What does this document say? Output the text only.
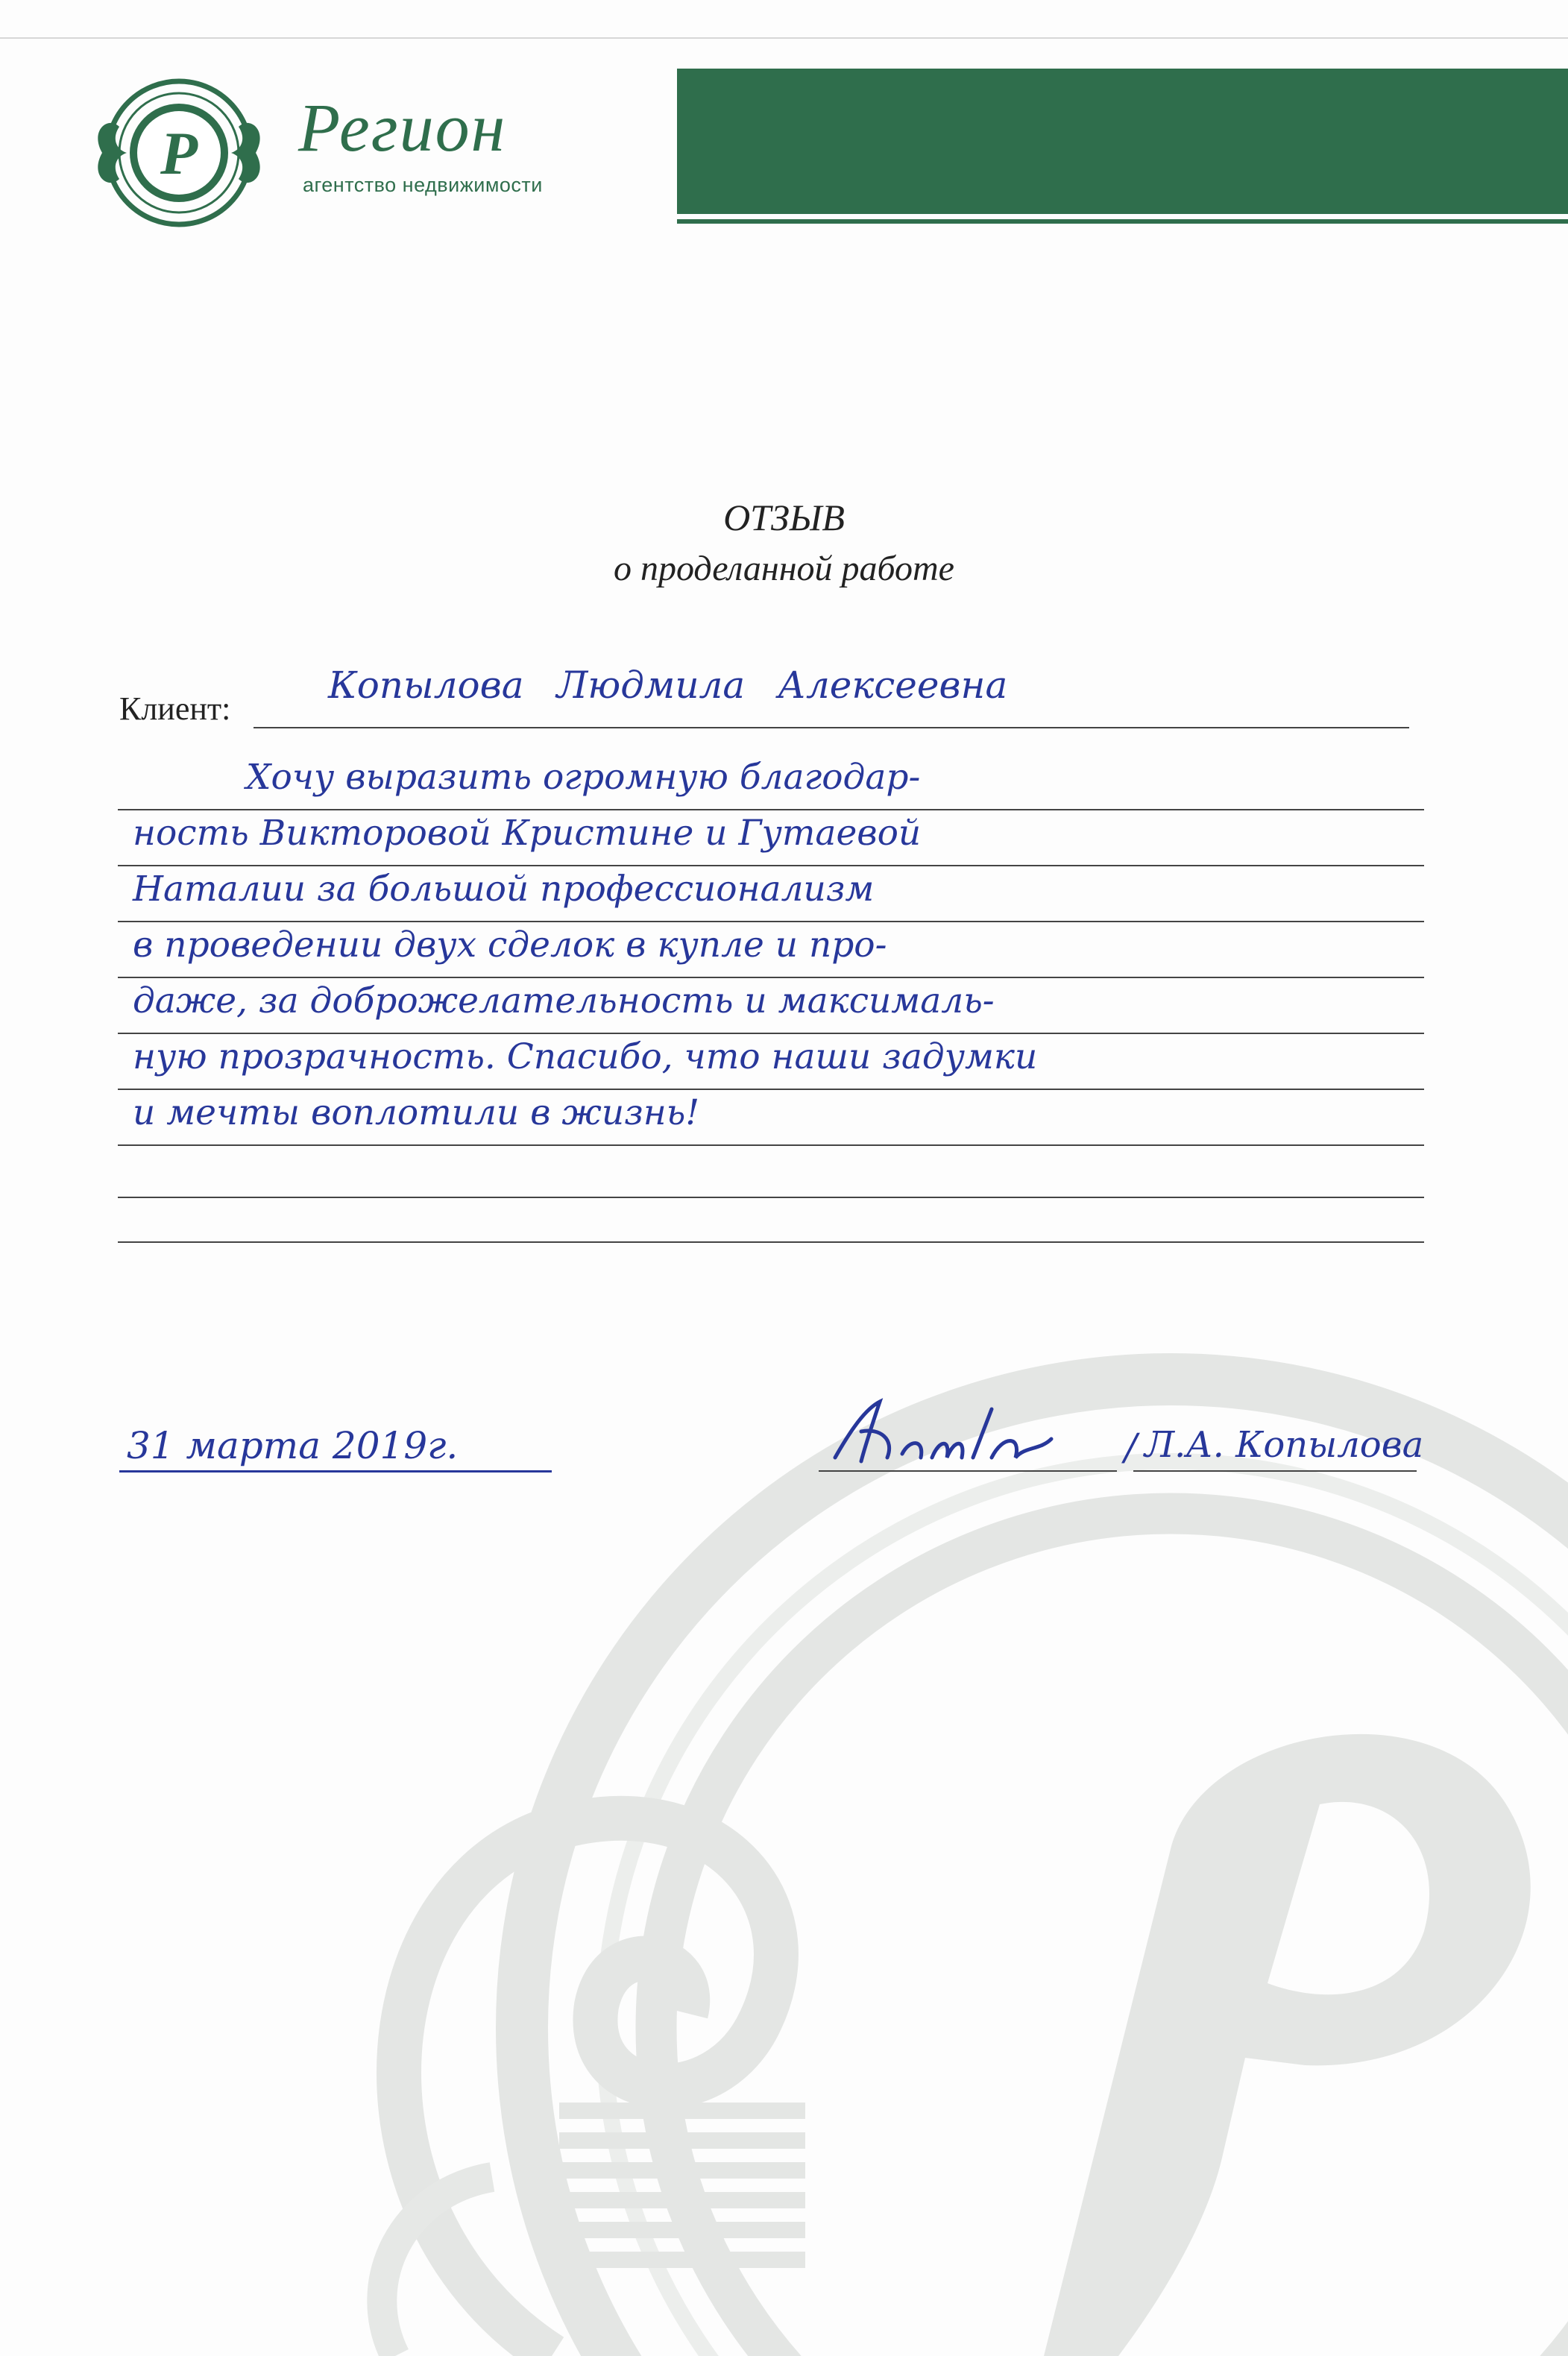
Р Регион
агентство недвижимости
ОТЗЫВ
о проделанной работе
Клиент:
Копылова Людмила Алексеевна
Хочу выразить огромную благодар-
ность Викторовой Кристине и Гутаевой
Наталии за большой профессионализм
в проведении двух сделок в купле и про-
даже, за доброжелательность и максималь-
ную прозрачность. Спасибо, что наши задумки
и мечты воплотили в жизнь!
31 марта 2019г.	/ Л.А. Копылова
